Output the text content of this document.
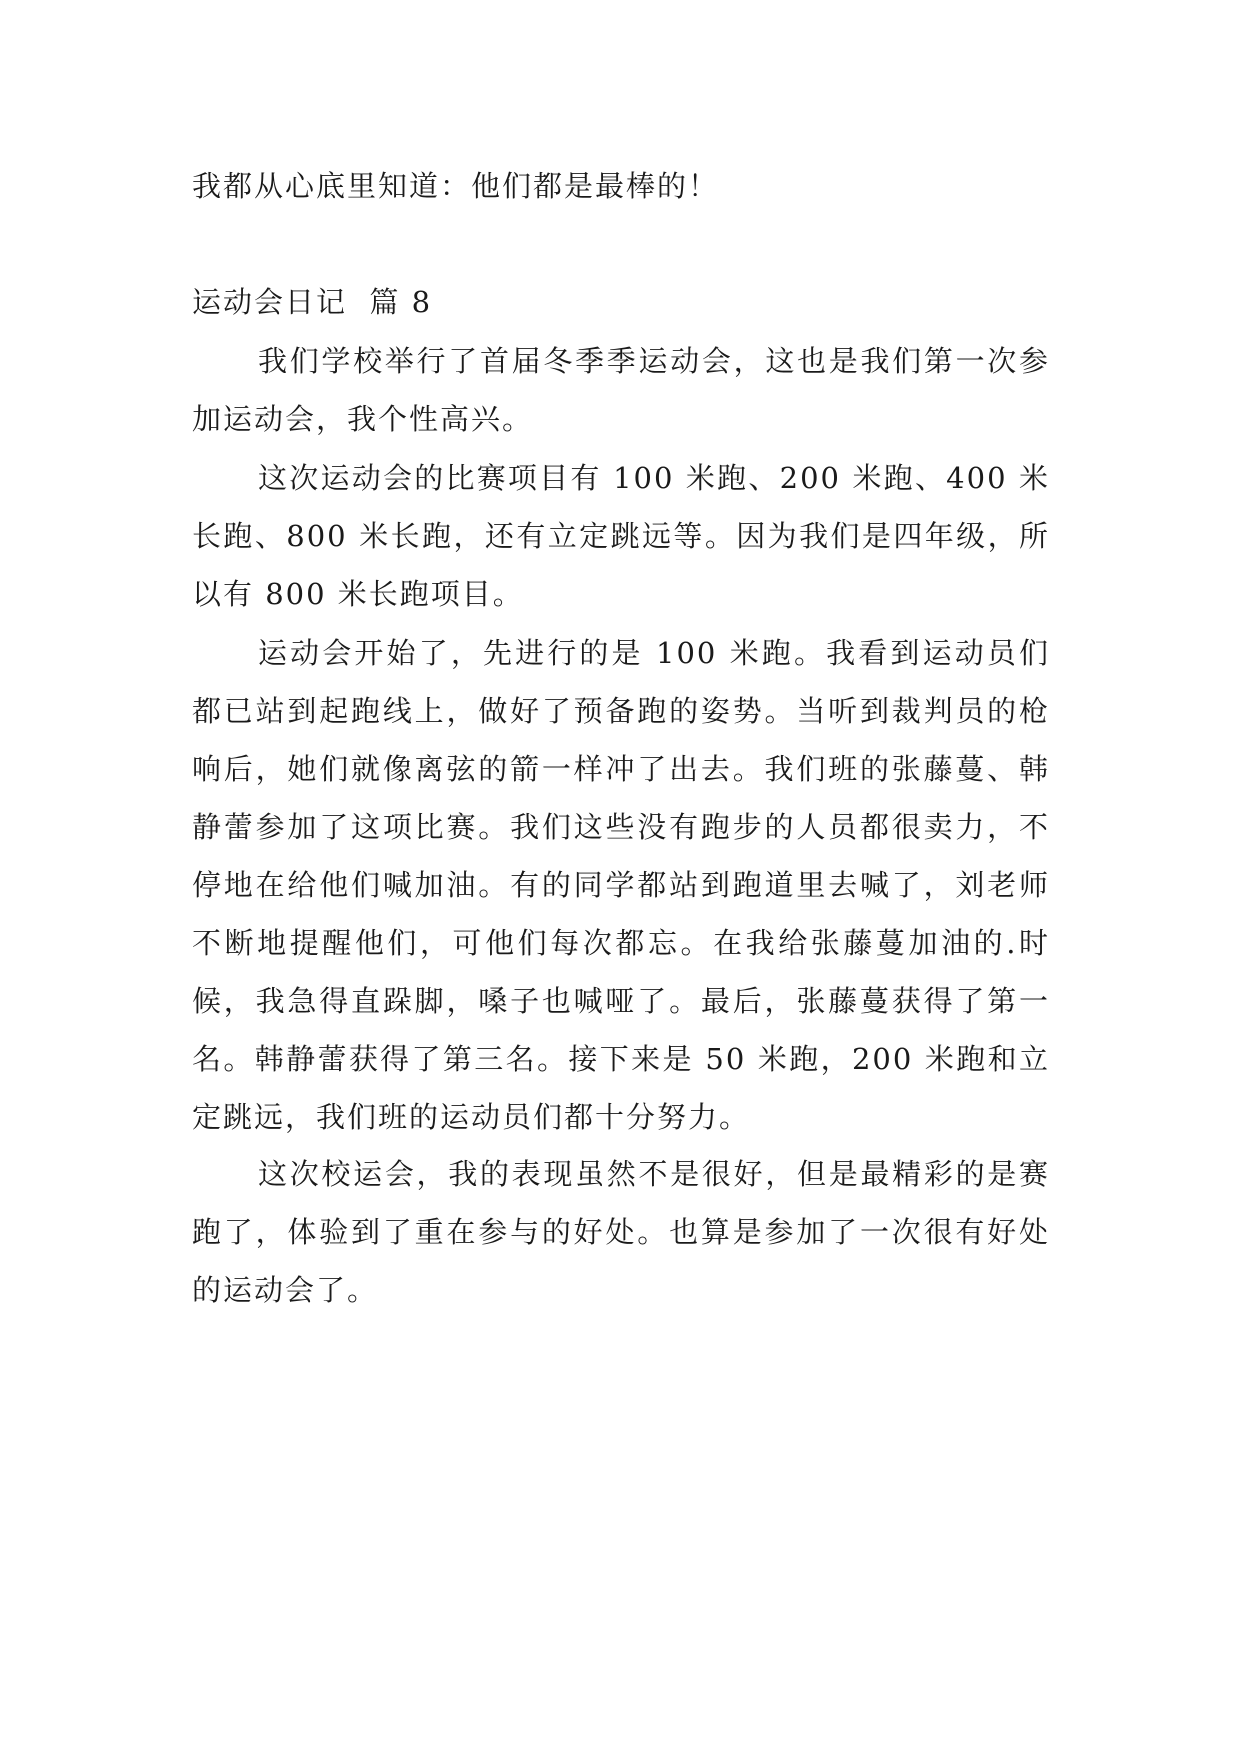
我都从心底里知道：他们都是最棒的！

运动会日记  篇 8

我们学校举行了首届冬季季运动会，这也是我们第一次参加运动会，我个性高兴。

这次运动会的比赛项目有 100 米跑、200 米跑、400 米长跑、800 米长跑，还有立定跳远等。因为我们是四年级，所以有 800 米长跑项目。

运动会开始了，先进行的是 100 米跑。我看到运动员们都已站到起跑线上，做好了预备跑的姿势。当听到裁判员的枪响后，她们就像离弦的箭一样冲了出去。我们班的张藤蔓、韩静蕾参加了这项比赛。我们这些没有跑步的人员都很卖力，不停地在给他们喊加油。有的同学都站到跑道里去喊了，刘老师不断地提醒他们，可他们每次都忘。在我给张藤蔓加油的.时候，我急得直跺脚，嗓子也喊哑了。最后，张藤蔓获得了第一名。韩静蕾获得了第三名。接下来是 50 米跑，200 米跑和立定跳远，我们班的运动员们都十分努力。

这次校运会，我的表现虽然不是很好，但是最精彩的是赛跑了，体验到了重在参与的好处。也算是参加了一次很有好处的运动会了。
